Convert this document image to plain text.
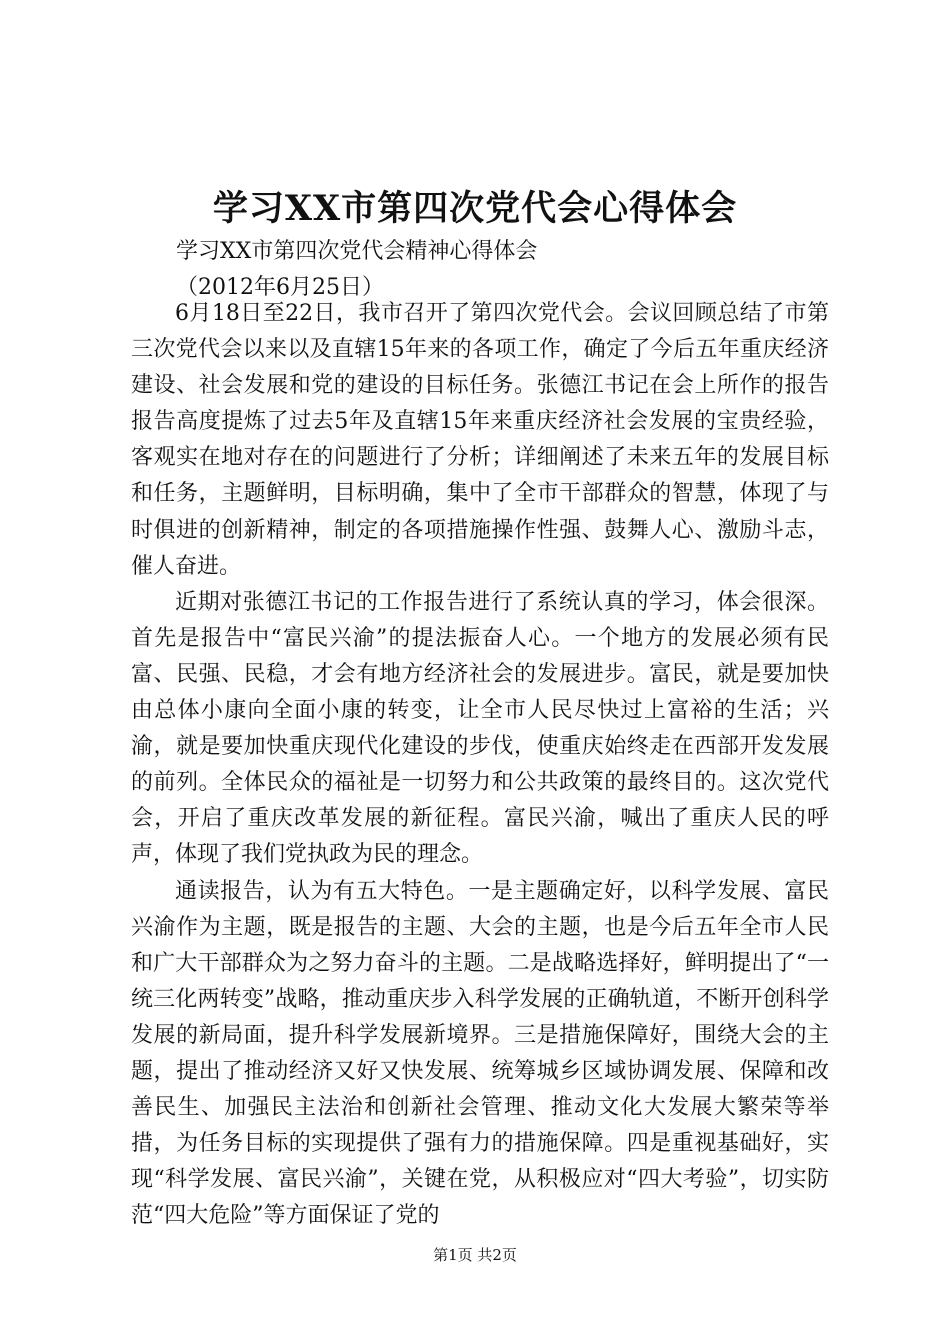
学习XX市第四次党代会心得体会
学习XX市第四次党代会精神心得体会
（2012年6月25日）

6月18日至22日，我市召开了第四次党代会。会议回顾总结了市第三次党代会以来以及直辖15年来的各项工作，确定了今后五年重庆经济建设、社会发展和党的建设的目标任务。张德江书记在会上所作的报告报告高度提炼了过去5年及直辖15年来重庆经济社会发展的宝贵经验，客观实在地对存在的问题进行了分析；详细阐述了未来五年的发展目标和任务，主题鲜明，目标明确，集中了全市干部群众的智慧，体现了与时俱进的创新精神，制定的各项措施操作性强、鼓舞人心、激励斗志，催人奋进。

近期对张德江书记的工作报告进行了系统认真的学习，体会很深。首先是报告中“富民兴渝”的提法振奋人心。一个地方的发展必须有民富、民强、民稳，才会有地方经济社会的发展进步。富民，就是要加快由总体小康向全面小康的转变，让全市人民尽快过上富裕的生活；兴渝，就是要加快重庆现代化建设的步伐，使重庆始终走在西部开发发展的前列。全体民众的福祉是一切努力和公共政策的最终目的。这次党代会，开启了重庆改革发展的新征程。富民兴渝，喊出了重庆人民的呼声，体现了我们党执政为民的理念。

通读报告，认为有五大特色。一是主题确定好，以科学发展、富民兴渝作为主题，既是报告的主题、大会的主题，也是今后五年全市人民和广大干部群众为之努力奋斗的主题。二是战略选择好，鲜明提出了“一统三化两转变”战略，推动重庆步入科学发展的正确轨道，不断开创科学发展的新局面，提升科学发展新境界。三是措施保障好，围绕大会的主题，提出了推动经济又好又快发展、统筹城乡区域协调发展、保障和改善民生、加强民主法治和创新社会管理、推动文化大发展大繁荣等举措，为任务目标的实现提供了强有力的措施保障。四是重视基础好，实现“科学发展、富民兴渝”，关键在党，从积极应对“四大考验”，切实防范“四大危险”等方面保证了党的

第1页 共2页
